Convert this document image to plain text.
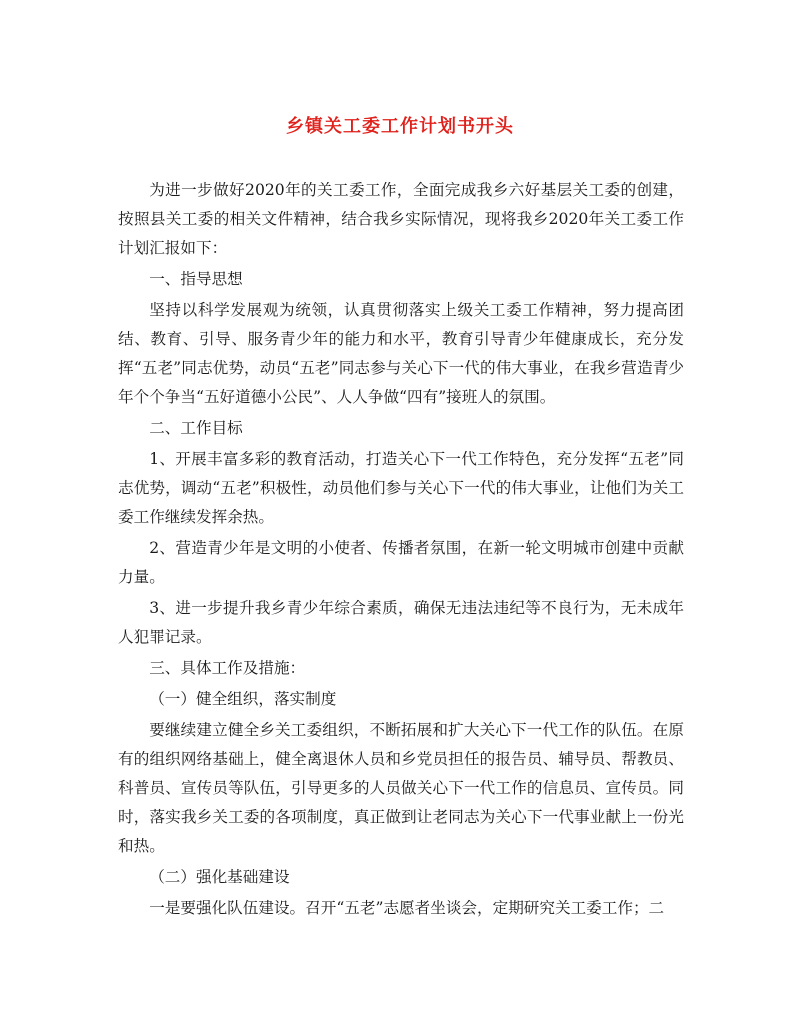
乡镇关工委工作计划书开头

为进一步做好2020年的关工委工作，全面完成我乡六好基层关工委的创建，按照县关工委的相关文件精神，结合我乡实际情况，现将我乡2020年关工委工作计划汇报如下：

一、指导思想

坚持以科学发展观为统领，认真贯彻落实上级关工委工作精神，努力提高团结、教育、引导、服务青少年的能力和水平，教育引导青少年健康成长，充分发挥“五老”同志优势，动员“五老”同志参与关心下一代的伟大事业，在我乡营造青少年个个争当“五好道德小公民”、人人争做“四有”接班人的氛围。

二、工作目标

1、开展丰富多彩的教育活动，打造关心下一代工作特色，充分发挥“五老”同志优势，调动“五老”积极性，动员他们参与关心下一代的伟大事业，让他们为关工委工作继续发挥余热。

2、营造青少年是文明的小使者、传播者氛围，在新一轮文明城市创建中贡献力量。

3、进一步提升我乡青少年综合素质，确保无违法违纪等不良行为，无未成年人犯罪记录。

三、具体工作及措施：

（一）健全组织，落实制度

要继续建立健全乡关工委组织，不断拓展和扩大关心下一代工作的队伍。在原有的组织网络基础上，健全离退休人员和乡党员担任的报告员、辅导员、帮教员、科普员、宣传员等队伍，引导更多的人员做关心下一代工作的信息员、宣传员。同时，落实我乡关工委的各项制度，真正做到让老同志为关心下一代事业献上一份光和热。

（二）强化基础建设

一是要强化队伍建设。召开“五老”志愿者坐谈会，定期研究关工委工作；二
